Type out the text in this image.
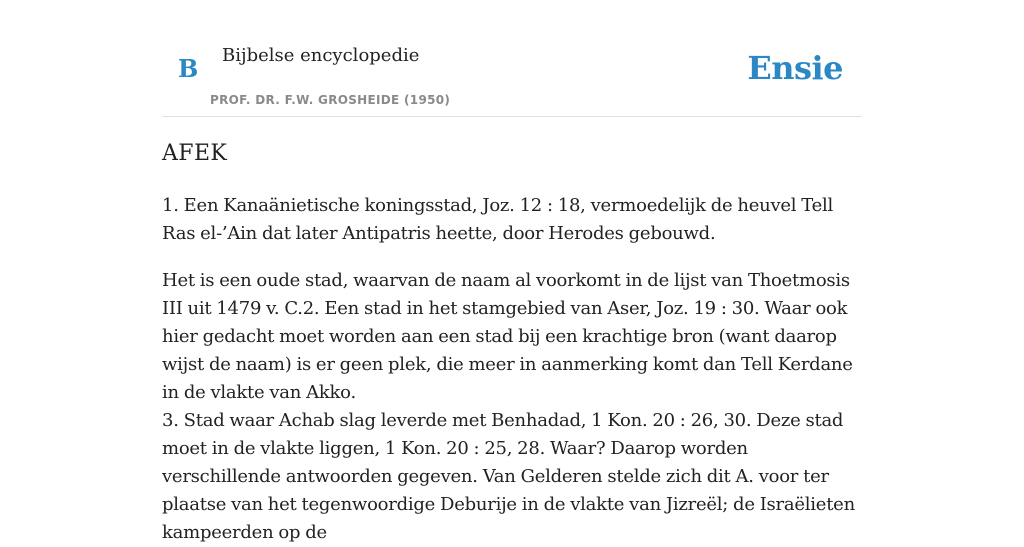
B Bijbelse encyclopedie
PROF. DR. F.W. GROSHEIDE (1950)
Ensie
AFEK

1. Een Kanaänietische koningsstad, Joz. 12 : 18, vermoedelijk de heuvel Tell Ras el-’Ain dat later Antipatris heette, door Herodes gebouwd.

Het is een oude stad, waarvan de naam al voorkomt in de lijst van Thoetmosis III uit 1479 v. C.2. Een stad in het stamgebied van Aser, Joz. 19 : 30. Waar ook hier gedacht moet worden aan een stad bij een krachtige bron (want daarop wijst de naam) is er geen plek, die meer in aanmerking komt dan Tell Kerdane in de vlakte van Akko.

3. Stad waar Achab slag leverde met Benhadad, 1 Kon. 20 : 26, 30. Deze stad moet in de vlakte liggen, 1 Kon. 20 : 25, 28. Waar? Daarop worden verschillende antwoorden gegeven. Van Gelderen stelde zich dit A. voor ter plaatse van het tegenwoordige Deburije in de vlakte van Jizreël; de Israëlieten kampeerden op de
